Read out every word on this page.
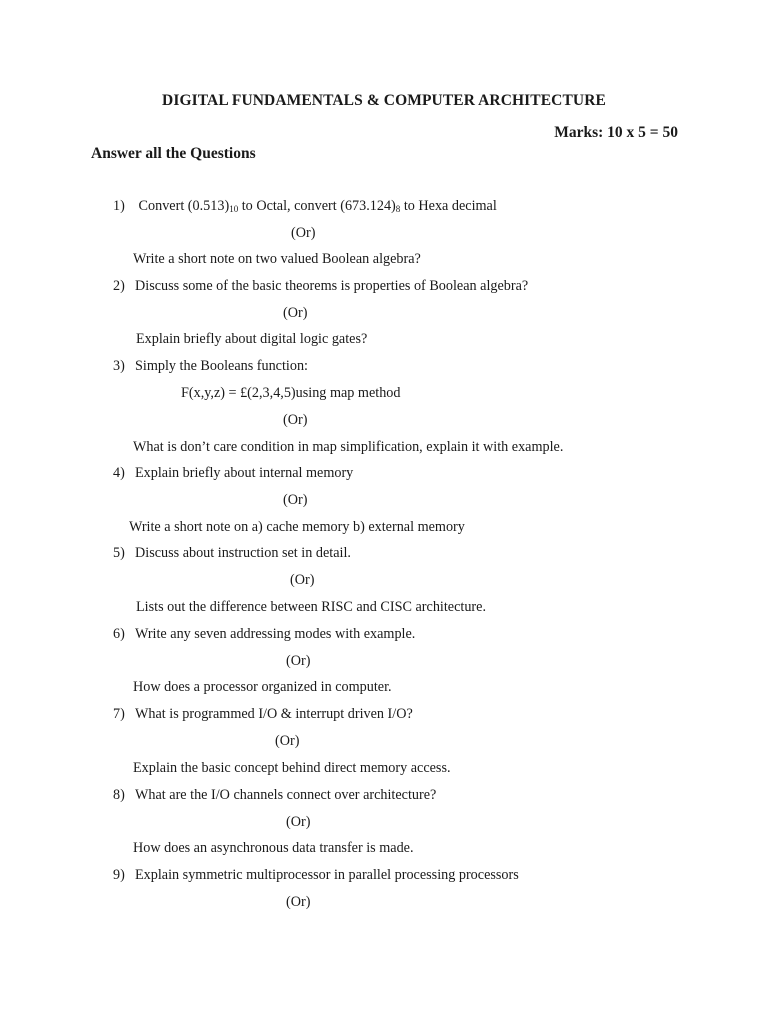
DIGITAL FUNDAMENTALS & COMPUTER ARCHITECTURE
Marks: 10 x 5 = 50
Answer all the Questions
1) Convert $(0.513)_{10}$ to Octal, convert $(673.124)_8$ to Hexa decimal
(Or)
Write a short note on two valued Boolean algebra?
2) Discuss some of the basic theorems is properties of Boolean algebra?
(Or)
Explain briefly about digital logic gates?
3) Simply the Booleans function:
F(x,y,z) = £(2,3,4,5)using map method
(Or)
What is don’t care condition in map simplification, explain it with example.
4) Explain briefly about internal memory
(Or)
Write a short note on a) cache memory b) external memory
5) Discuss about instruction set in detail.
(Or)
Lists out the difference between RISC and CISC architecture.
6) Write any seven addressing modes with example.
(Or)
How does a processor organized in computer.
7) What is programmed I/O & interrupt driven I/O?
(Or)
Explain the basic concept behind direct memory access.
8) What are the I/O channels connect over architecture?
(Or)
How does an asynchronous data transfer is made.
9) Explain symmetric multiprocessor in parallel processing processors
(Or)
